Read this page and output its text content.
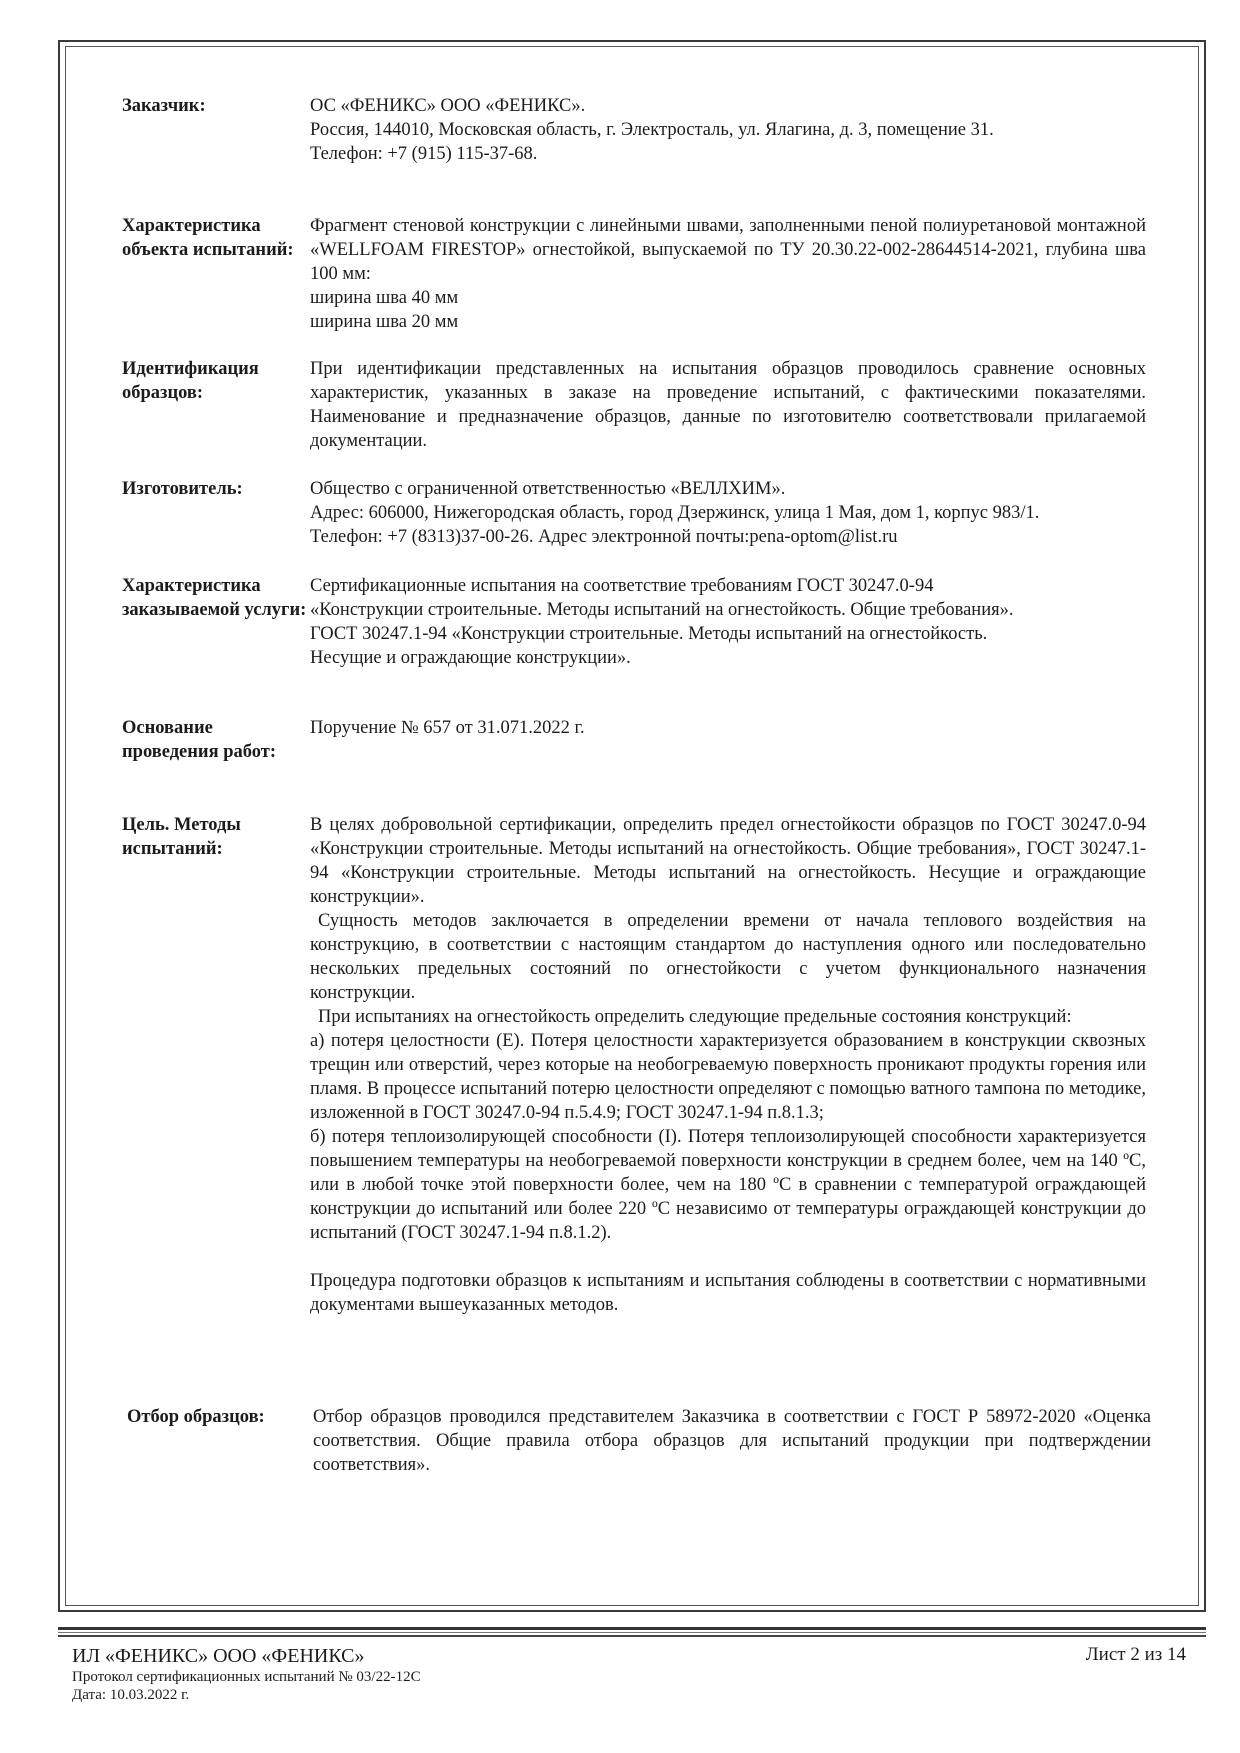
Заказчик:	ОС «ФЕНИКС» ООО «ФЕНИКС».

Россия, 144010, Московская область, г. Электросталь, ул. Ялагина, д. 3, помещение 31.

Телефон: +7 (915) 115-37-68.

Характеристика объекта испытаний:

Фрагмент стеновой конструкции с линейными швами, заполненными пеной полиуретановой монтажной «WELLFOAM FIRESTOP» огнестойкой, выпускаемой по ТУ 20.30.22-002-28644514-2021, глубина шва 100 мм:

ширина шва 40 мм

ширина шва 20 мм

Идентификация образцов:

При идентификации представленных на испытания образцов проводилось сравнение основных характеристик, указанных в заказе на проведение испытаний, с фактическими показателями. Наименование и предназначение образцов, данные по изготовителю соответствовали прилагаемой документации.

Изготовитель:	Общество с ограниченной ответственностью «ВЕЛЛХИМ».

Адрес: 606000, Нижегородская область, город Дзержинск, улица 1 Мая, дом 1, корпус 983/1.

Телефон: +7 (8313)37-00-26. Адрес электронной почты:pena-optom@list.ru

Характеристика заказываемой услуги:

Сертификационные испытания на соответствие требованиям ГОСТ 30247.0-94

«Конструкции строительные. Методы испытаний на огнестойкость. Общие требования».

ГОСТ 30247.1-94 «Конструкции строительные. Методы испытаний на огнестойкость.

Несущие и ограждающие конструкции».

Основание проведения работ:

Поручение № 657 от 31.071.2022 г.

Цель. Методы испытаний:

В целях добровольной сертификации, определить предел огнестойкости образцов по ГОСТ 30247.0-94 «Конструкции строительные. Методы испытаний на огнестойкость. Общие требования», ГОСТ 30247.1-94 «Конструкции строительные. Методы испытаний на огнестойкость. Несущие и ограждающие конструкции».

Сущность методов заключается в определении времени от начала теплового воздействия на конструкцию, в соответствии с настоящим стандартом до наступления одного или последовательно нескольких предельных состояний по огнестойкости с учетом функционального назначения конструкции.

При испытаниях на огнестойкость определить следующие предельные состояния конструкций:

а) потеря целостности (Е). Потеря целостности характеризуется образованием в конструкции сквозных трещин или отверстий, через которые на необогреваемую поверхность проникают продукты горения или пламя. В процессе испытаний потерю целостности определяют с помощью ватного тампона по методике, изложенной в ГОСТ 30247.0-94 п.5.4.9; ГОСТ 30247.1-94 п.8.1.3;

б) потеря теплоизолирующей способности (I). Потеря теплоизолирующей способности характеризуется повышением температуры на необогреваемой поверхности конструкции в среднем более, чем на 140 ºС, или в любой точке этой поверхности более, чем на 180 ºС в сравнении с температурой ограждающей конструкции до испытаний или более 220 ºС независимо от температуры ограждающей конструкции до испытаний (ГОСТ 30247.1-94 п.8.1.2).

Процедура подготовки образцов к испытаниям и испытания соблюдены в соответствии с нормативными документами вышеуказанных методов.

Отбор образцов:	Отбор образцов проводился представителем Заказчика в соответствии с ГОСТ Р 58972-2020 «Оценка соответствия. Общие правила отбора образцов для испытаний продукции при подтверждении соответствия».

ИЛ «ФЕНИКС» ООО «ФЕНИКС»
Протокол сертификационных испытаний № 03/22-12С
Дата: 10.03.2022 г.
Лист 2 из 14
